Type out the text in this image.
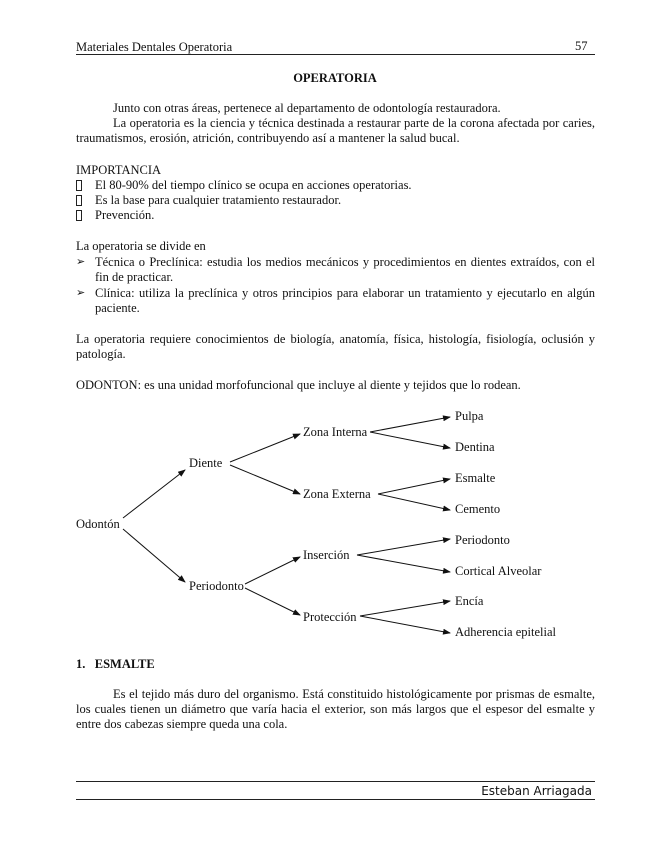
Materiales Dentales Operatoria	57
OPERATORIA
Junto con otras áreas, pertenece al departamento de odontología restauradora.
La operatoria es la ciencia y técnica destinada a restaurar parte de la corona afectada por caries, traumatismos, erosión, atrición, contribuyendo así a mantener la salud bucal.
IMPORTANCIA
El 80-90% del tiempo clínico se ocupa en acciones operatorias.
Es la base para cualquier tratamiento restaurador.
Prevención.
La operatoria se divide en
➢ Técnica o Preclínica: estudia los medios mecánicos y procedimientos en dientes extraídos, con el fin de practicar.
➢ Clínica: utiliza la preclínica y otros principios para elaborar un tratamiento y ejecutarlo en algún paciente.
La operatoria requiere conocimientos de biología, anatomía, física, histología, fisiología, oclusión y patología.
ODONTON: es una unidad morfofuncional que incluye al diente y tejidos que lo rodean.
Odontón
Diente
Periodonto
Zona Interna
Zona Externa
Inserción
Protección
Pulpa
Dentina
Esmalte
Cemento
Periodonto
Cortical Alveolar
Encía
Adherencia epitelial
1.   ESMALTE
Es el tejido más duro del organismo. Está constituido histológicamente por prismas de esmalte, los cuales tienen un diámetro que varía hacia el exterior, son más largos que el espesor del esmalte y entre dos cabezas siempre queda una cola.
Esteban Arriagada
